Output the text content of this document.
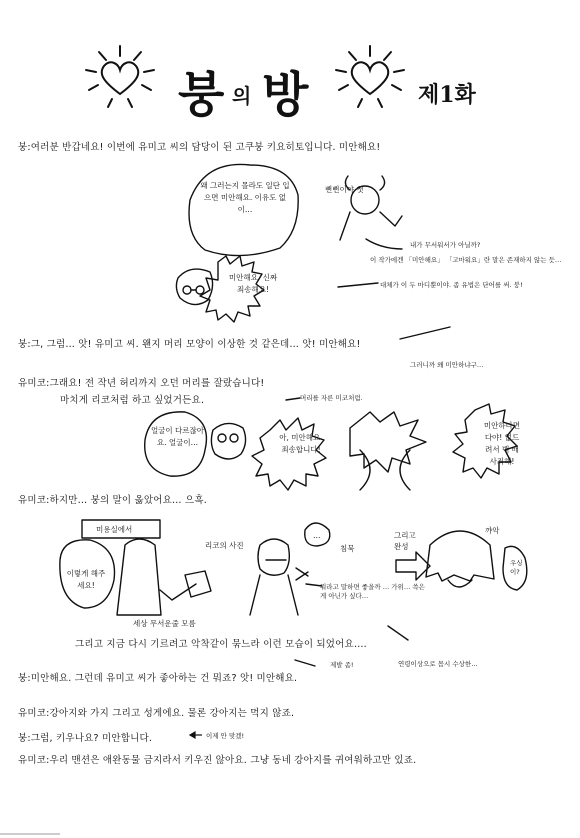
붕 의 방	제1화
붕:여러분 반갑네요! 이번에 유미고 씨의 담당이 된 고쿠붕 키요히토입니다. 미안해요!
왜 그러는지 몰라도 일단 입으면 미안해요. 이유도 없이…
뻔뻔이야 첫
내가 무서워서가 아닐까?
이 작가에겐 「미안해요」 「고마워요」란 말은 존재하지 않는 듯…
대체가 이 두 마디뿐이야. 좀 유법은 단어를 써. 붕!
미안해요. 신짜 죄송해요!
붕:그, 그럼… 앗! 유미고 씨. 왠지 머리 모양이 이상한 것 같은데… 앗! 미안해요!
그러니까 왜 미안하냐구…
유미코:그래요! 전 작년 허리까지 오던 머리를 잘랐습니다!
마치게 리코처럼 하고 싶었거든요.	머리를 자른 미코처럼.
얼굴이 다르잖아요. 얼굴이…
아, 미안해요. 죄송합니다!
미안하다면 다야! 없드려서 백 배 사죄해!
유미코:하지만… 붕의 말이 옳았어요… 으흑.
미용실에서
리코의 사진
이렇게 해주세요!
세상 무서운줄 모름
…
침묵
뭐라고 말하면 좋을까 … 가위… 쓱은게 아닌가 싶다…
그리고 완성
꺄악
우싱이?
그리고 지금 다시 기르려고 악착같이 묶느라 이런 모습이 되었어요….
연령이상으로 몹시 수상한…
붕:미안해요. 그런데 유미고 씨가 좋아하는 건 뭐죠? 앗! 미안해요.
제발 좀!
유미코:강아지와 가지 그리고 성게에요. 물론 강아지는 먹지 않죠.
붕:그럼, 키우나요? 미안합니다.	이제 안 맞겠!
유미코:우리 맨션은 애완동물 금지라서 키우진 않아요. 그냥 동네 강아지를 귀여워하고만 있죠.
